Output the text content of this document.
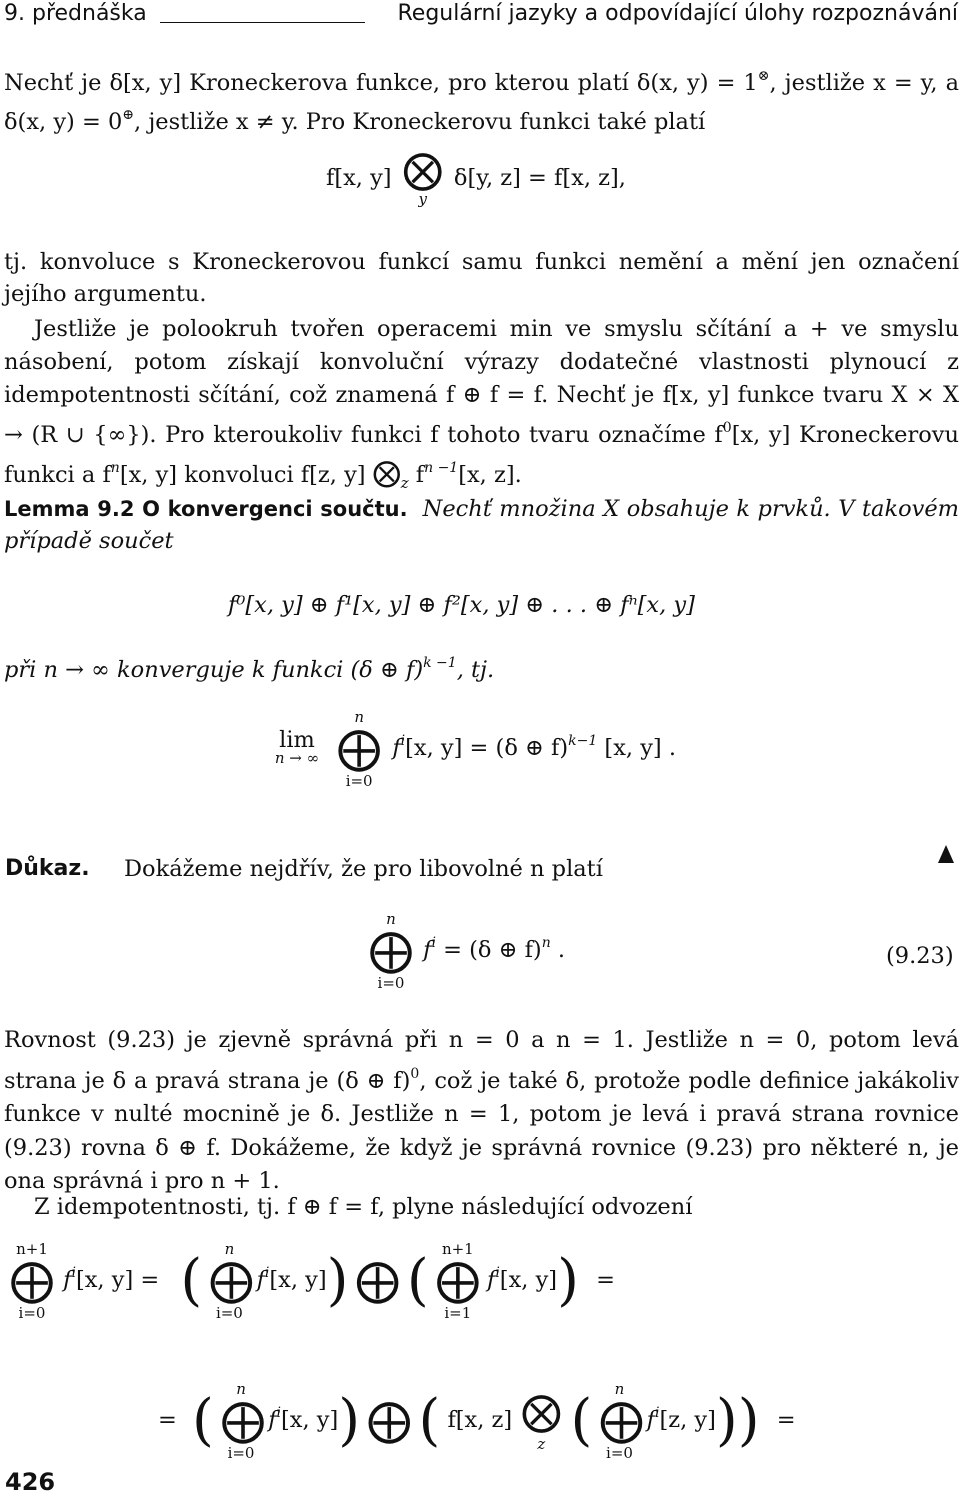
9. přednáška	Regulární jazyky a odpovídající úlohy rozpoznávání

Nechť je δ[x, y] Kroneckerova funkce, pro kterou platí δ(x, y) = 1⊗, jestliže x = y, a δ(x, y) = 0⊕, jestliže x ≠ y. Pro Kroneckerovu funkci také platí

f[x, y] ⨂
y
δ[y, z] = f[x, z],

tj. konvoluce s Kroneckerovou funkcí samu funkci nemění a mění jen označení jejího argumentu.

Jestliže je polookruh tvořen operacemi min ve smyslu sčítání a + ve smyslu násobení, potom získají konvoluční výrazy dodatečné vlastnosti plynoucí z idempotentnosti sčítání, což znamená f ⊕ f = f. Nechť je f[x, y] funkce tvaru X × X → (R ∪ {∞}). Pro kteroukoliv funkci f tohoto tvaru označíme $f^0[x$, y] Kroneckerovu funkci a $f^n[x$, y] konvoluci f[z, y] $⨂_z$ $f^{n -1}[x$, z].

Lemma 9.2 O konvergenci součtu. Nechť množina X obsahuje k prvků. V takovém případě součet

f⁰[x, y] ⊕ f¹[x, y] ⊕ f²[x, y] ⊕ . . . ⊕ fⁿ[x, y]

při n → ∞ konverguje k funkci (δ ⊕ f)$^{k -1}$, tj.

lim
n → ∞

n
⨁
i=0
$f^i[x$, y] = (δ ⊕ f)$^{k-1}$ [x, y] .
Důkaz. Dokážeme nejdřív, že pro libovolné n platí
n
⨁
i=0
$f^i = (\delta$ ⊕ f)$^n$ .	(9.23)

Rovnost (9.23) je zjevně správná při n = 0 a n = 1. Jestliže n = 0, potom levá strana je δ a pravá strana je (δ ⊕ f)$^0$, což je také δ, protože podle definice jakákoliv funkce v nulté mocnině je δ. Jestliže n = 1, potom je levá i pravá strana rovnice (9.23) rovna δ ⊕ f. Dokážeme, že když je správná rovnice (9.23) pro některé n, je ona správná i pro n + 1.

Z idempotentnosti, tj. f ⊕ f = f, plyne následující odvození

n+1
⨁
i=0
$f^i[x$, y] = (	n
⨁
i=0
$f^i[x$, y]) ⨁ ( n+1
⨁
i=1
$f^i[x$, y]) =
= (	n
⨁
i=0
$f^i[x$, y]) ⨁ ( f[x, z] ⨂
z (	n
⨁
i=0
$f^i[z$, y])) =
426
